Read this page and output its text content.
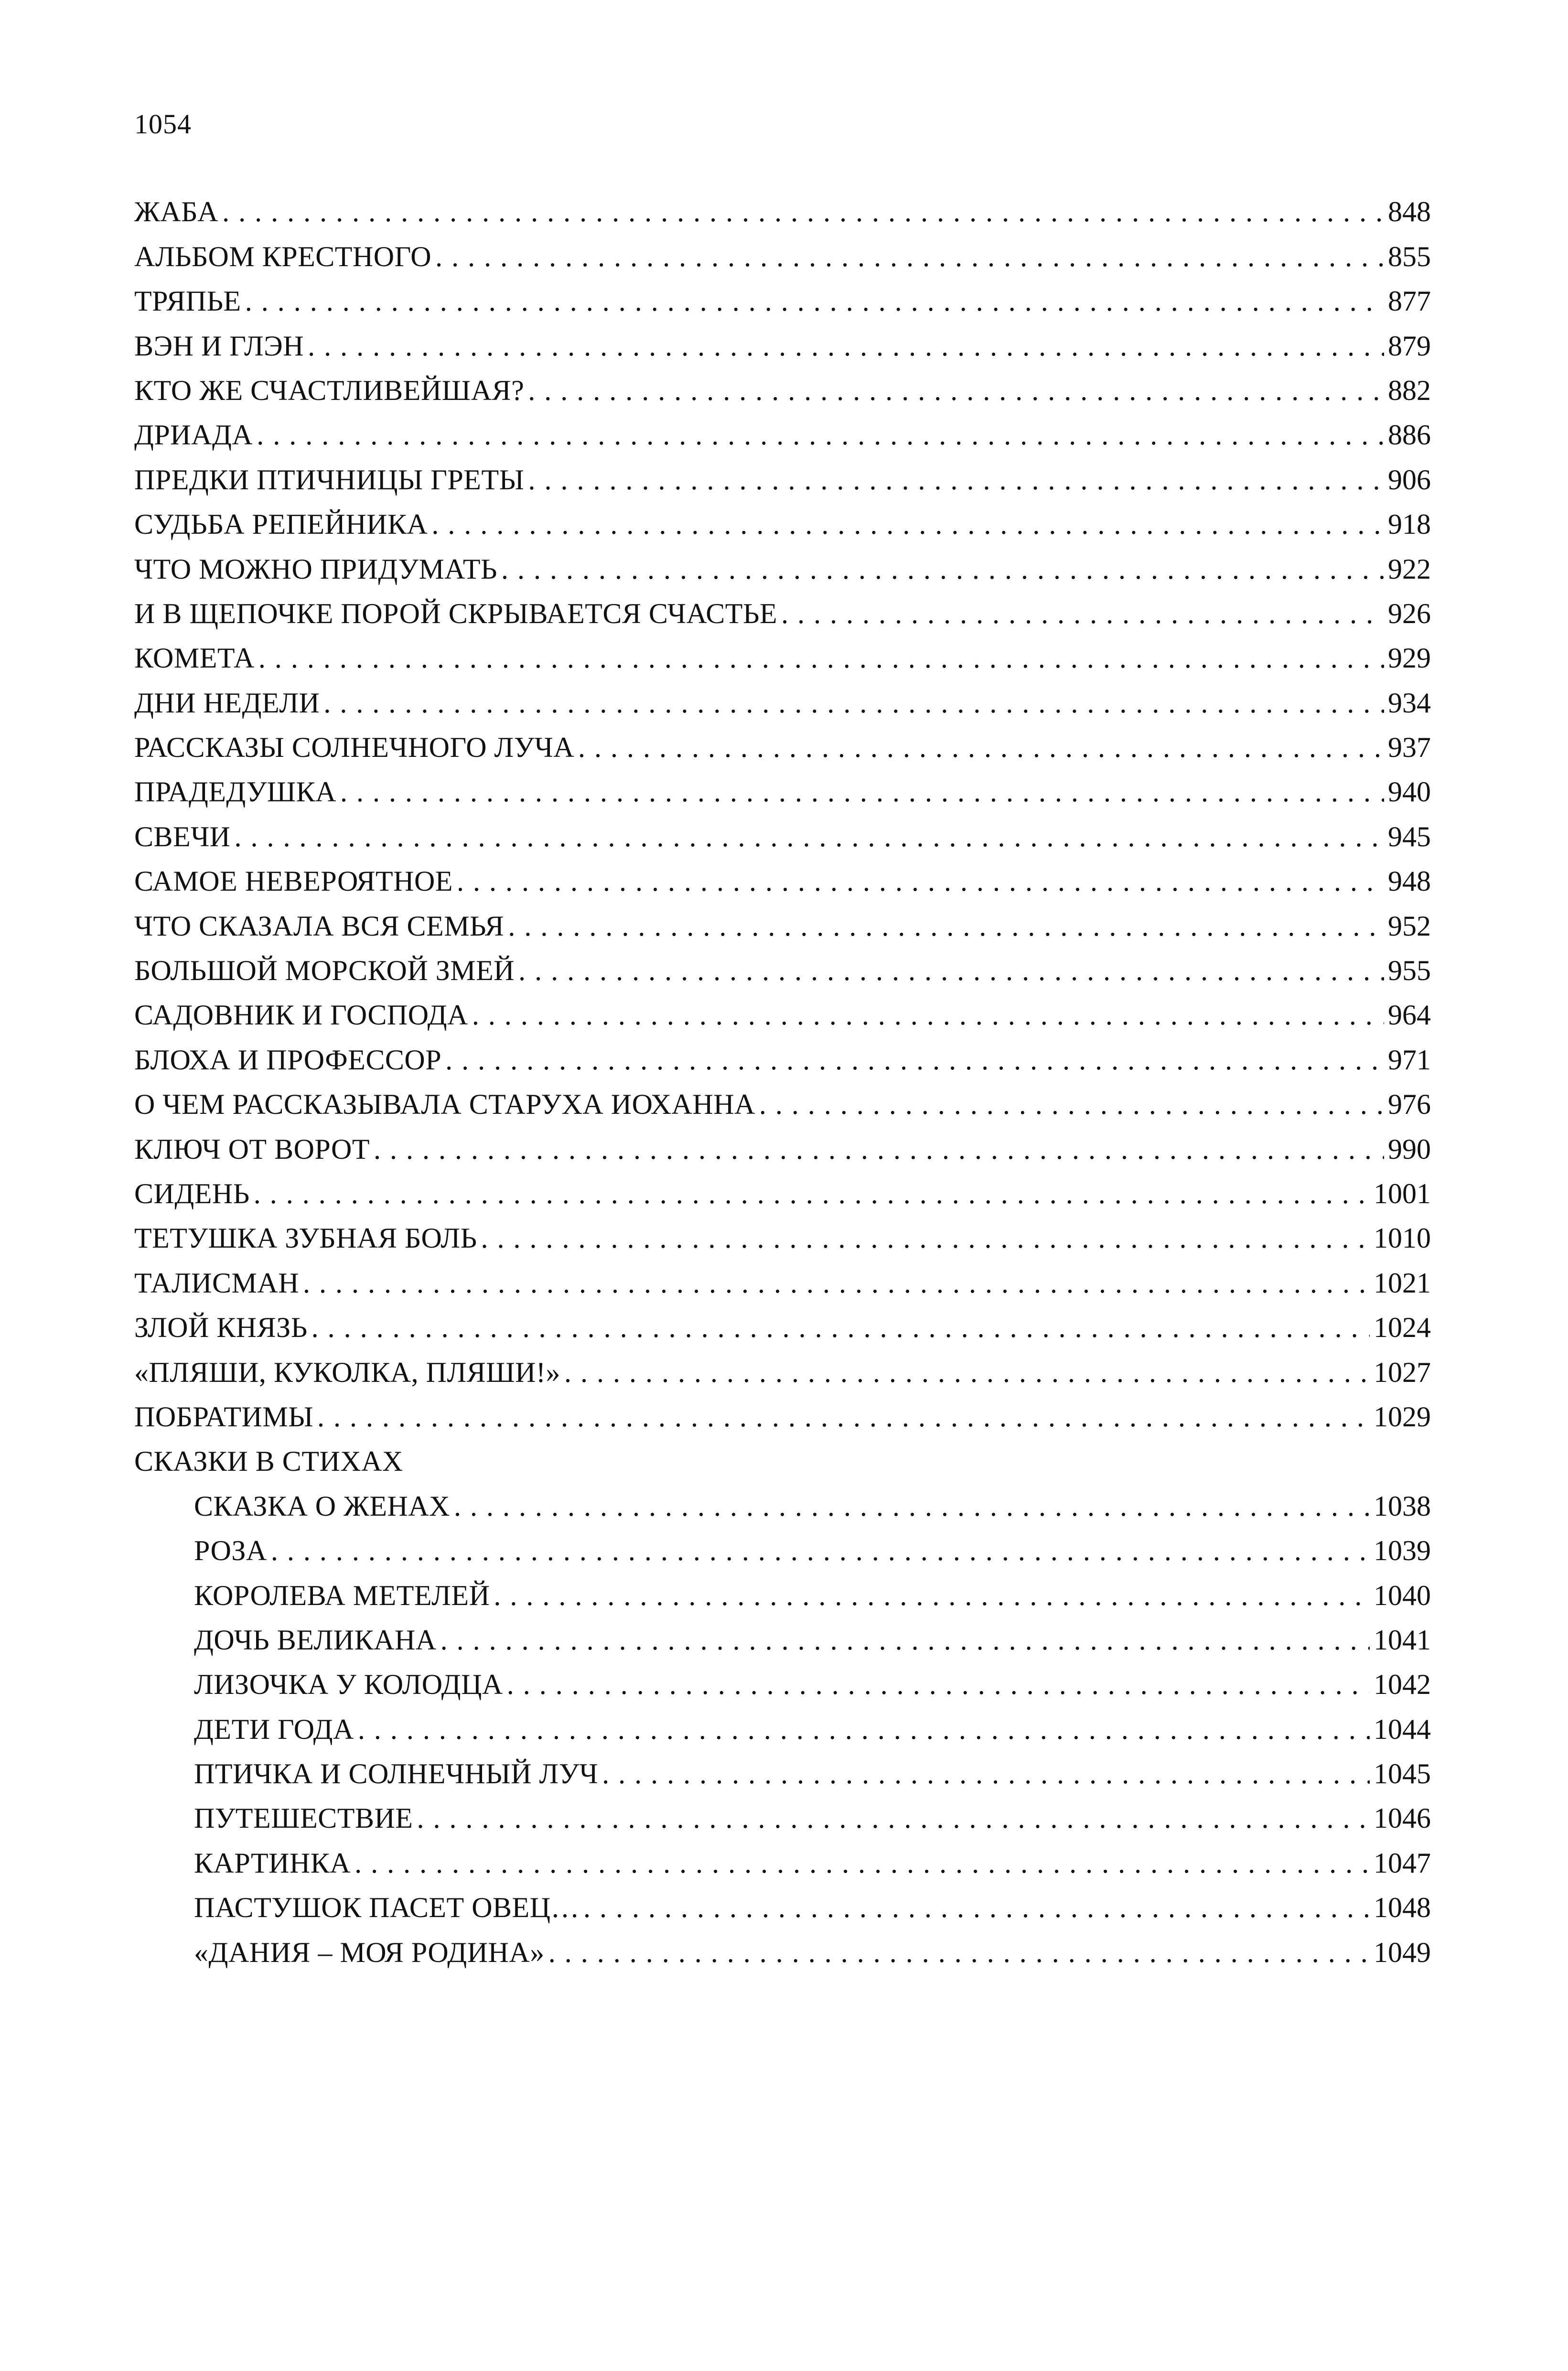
1054
ЖАБА . . .	848
АЛЬБОМ КРЕСТНОГО . . .	855
ТРЯПЬЕ . . .	877
ВЭН И ГЛЭН . . .	879
КТО ЖЕ СЧАСТЛИВЕЙШАЯ? . . .	882
ДРИАДА . . .	886
ПРЕДКИ ПТИЧНИЦЫ ГРЕТЫ . . .	906
СУДЬБА РЕПЕЙНИКА . . .	918
ЧТО МОЖНО ПРИДУМАТЬ . . .	922
И В ЩЕПОЧКЕ ПОРОЙ СКРЫВАЕТСЯ СЧАСТЬЕ . . .	926
КОМЕТА . . .	929
ДНИ НЕДЕЛИ . . .	934
РАССКАЗЫ СОЛНЕЧНОГО ЛУЧА . . .	937
ПРАДЕДУШКА . . .	940
СВЕЧИ . . .	945
САМОЕ НЕВЕРОЯТНОЕ . . .	948
ЧТО СКАЗАЛА ВСЯ СЕМЬЯ . . .	952
БОЛЬШОЙ МОРСКОЙ ЗМЕЙ . . .	955
САДОВНИК И ГОСПОДА . . .	964
БЛОХА И ПРОФЕССОР . . .	971
О ЧЕМ РАССКАЗЫВАЛА СТАРУХА ИОХАННА . . .	976
КЛЮЧ ОТ ВОРОТ . . .	990
СИДЕНЬ . . .	1001
ТЕТУШКА ЗУБНАЯ БОЛЬ . . .	1010
ТАЛИСМАН . . .	1021
ЗЛОЙ КНЯЗЬ . . .	1024
«ПЛЯШИ, КУКОЛКА, ПЛЯШИ!» . . .	1027
ПОБРАТИМЫ . . .	1029
СКАЗКИ В СТИХАХ
СКАЗКА О ЖЕНАХ . . .	1038
РОЗА . . .	1039
КОРОЛЕВА МЕТЕЛЕЙ . . .	1040
ДОЧЬ ВЕЛИКАНА . . .	1041
ЛИЗОЧКА У КОЛОДЦА . . .	1042
ДЕТИ ГОДА . . .	1044
ПТИЧКА И СОЛНЕЧНЫЙ ЛУЧ . . .	1045
ПУТЕШЕСТВИЕ . . .	1046
КАРТИНКА . . .	1047
ПАСТУШОК ПАСЕТ ОВЕЦ… . . .	1048
«ДАНИЯ – МОЯ РОДИНА» . . .	1049
